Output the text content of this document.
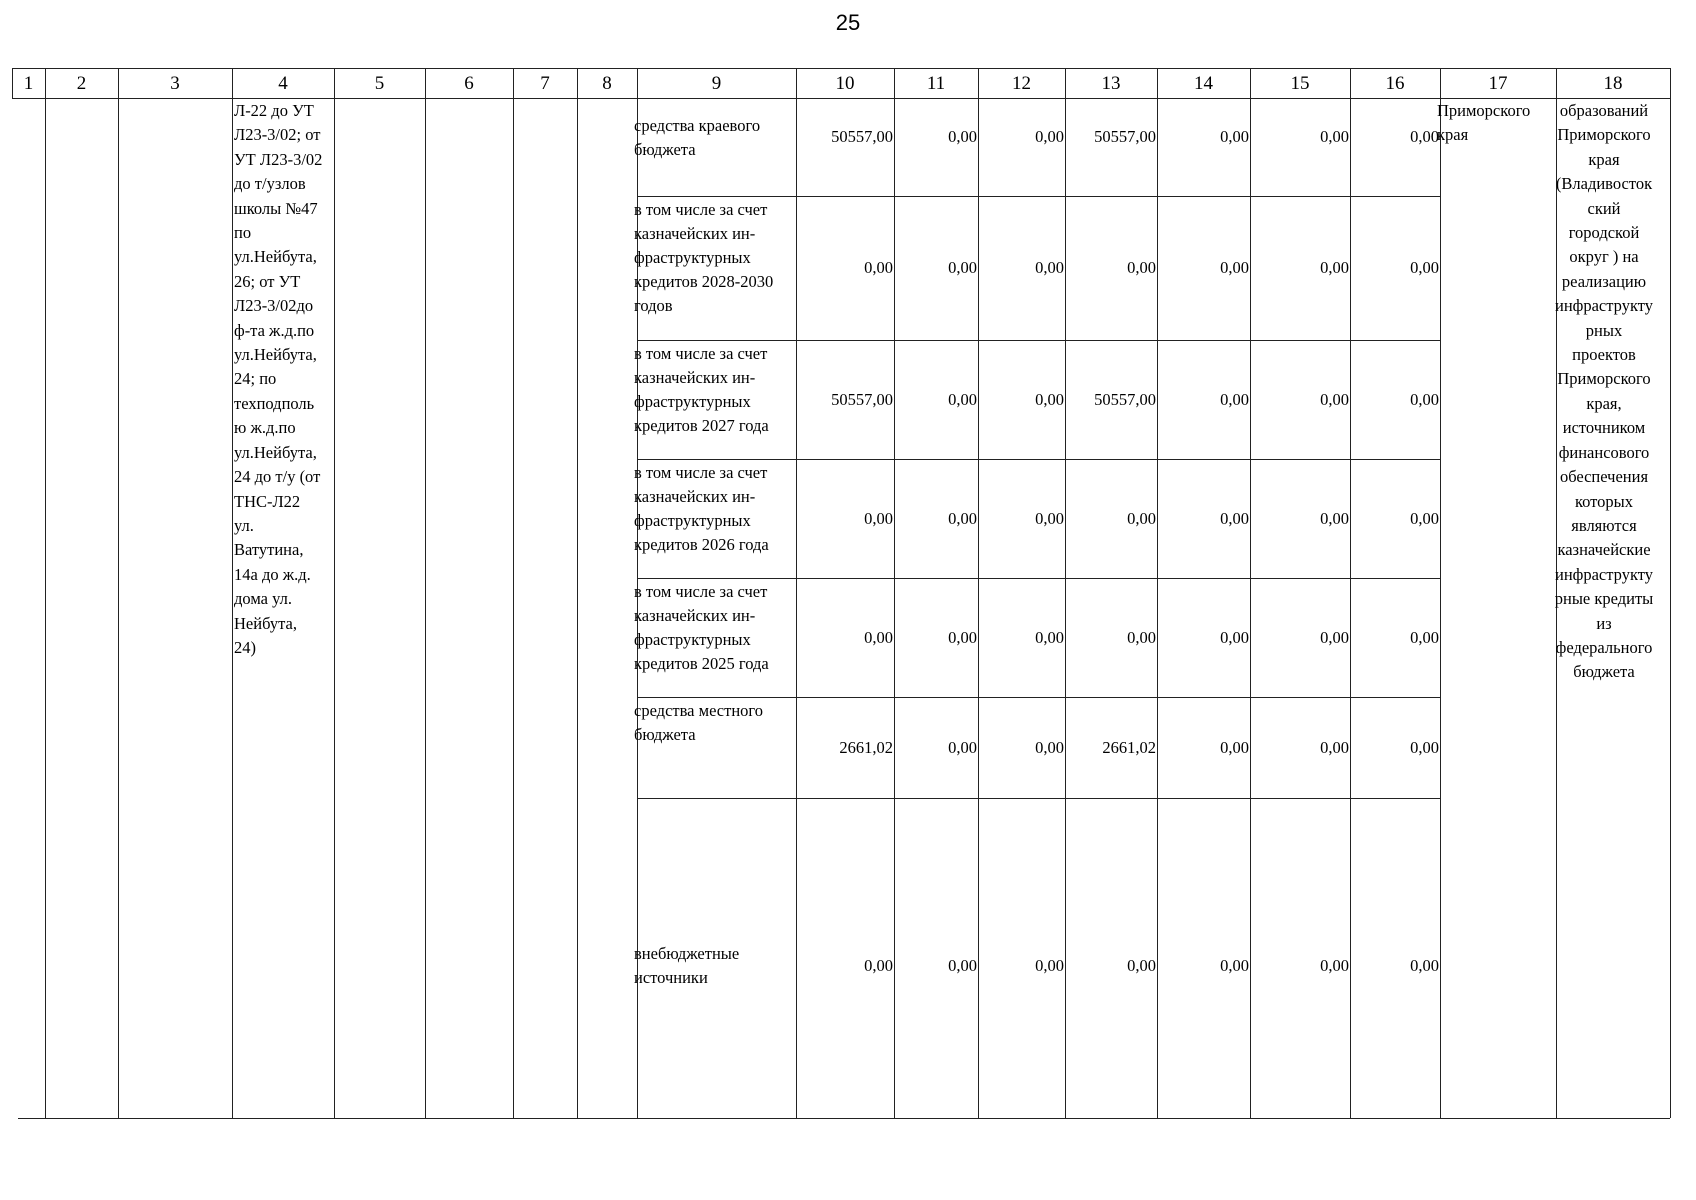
25
1	2	3	4	5	6	7	8	9	10	11	12	13	14	15	16	17	18
средства краевого
бюджета
50557,00	0,00	0,00	50557,00	0,00	0,00	0,00
в том числе за счет
казначейских ин-
фраструктурных
кредитов 2028-2030
годов
0,00	0,00	0,00	0,00	0,00	0,00	0,00
в том числе за счет
казначейских ин-
фраструктурных
кредитов 2027 года
50557,00	0,00	0,00	50557,00	0,00	0,00	0,00
в том числе за счет
казначейских ин-
фраструктурных
кредитов 2026 года
0,00	0,00	0,00	0,00	0,00	0,00	0,00
в том числе за счет
казначейских ин-
фраструктурных
кредитов 2025 года
0,00	0,00	0,00	0,00	0,00	0,00	0,00
средства местного
бюджета
2661,02	0,00	0,00	2661,02	0,00	0,00	0,00
внебюджетные
источники
0,00	0,00	0,00	0,00	0,00	0,00	0,00
Л-22 до УТ
Л23-3/02; от
УТ Л23-3/02
до т/узлов
школы №47
по
ул.Нейбута,
26; от УТ
Л23-3/02до
ф-та ж.д.по
ул.Нейбута,
24; по
техподполь
ю ж.д.по
ул.Нейбута,
24 до т/у (от
ТНС-Л22
ул.
Ватутина,
14а до ж.д.
дома ул.
Нейбута,
24)
Приморского
края
образований
Приморского
края
(Владивосток
ский
городской
округ ) на
реализацию
инфраструкту
рных
проектов
Приморского
края,
источником
финансового
обеспечения
которых
являются
казначейские
инфраструкту
рные кредиты
из
федерального
бюджета
